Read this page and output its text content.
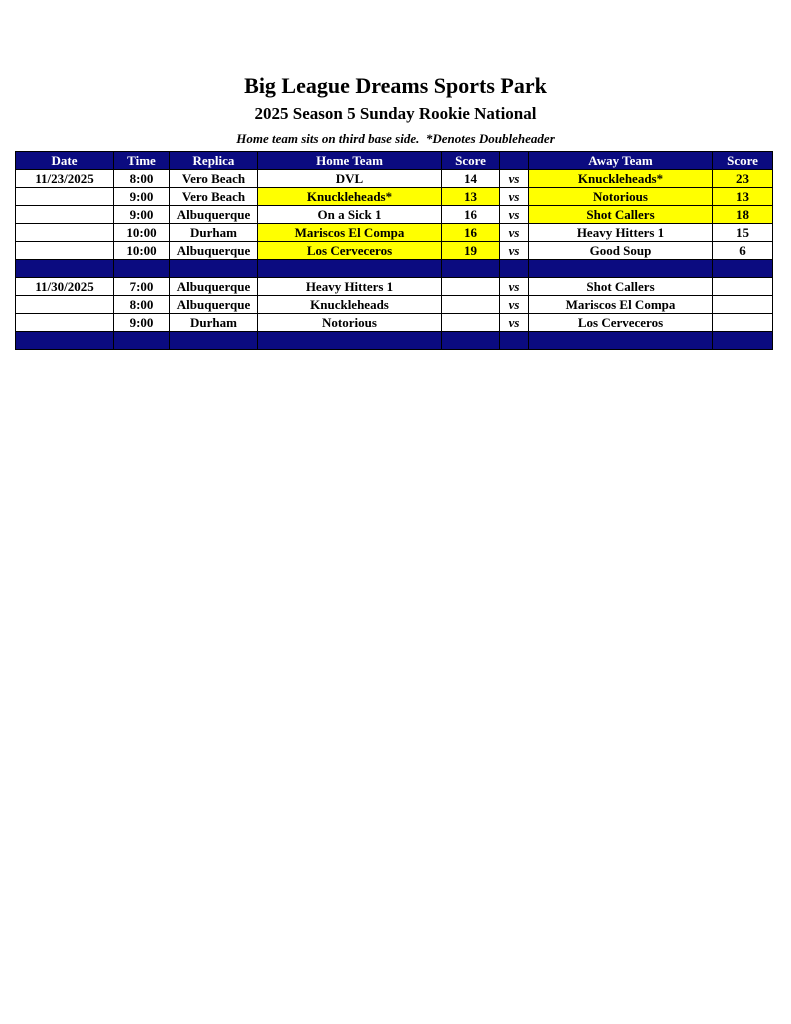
Big League Dreams Sports Park
2025 Season 5 Sunday Rookie National
Home team sits on third base side.  *Denotes Doubleheader
Date	Time	Replica	Home Team	Score		Away Team	Score
11/23/2025	8:00	Vero Beach	DVL	14	vs	Knuckleheads*	23
	9:00	Vero Beach	Knuckleheads*	13	vs	Notorious	13
	9:00	Albuquerque	On a Sick 1	16	vs	Shot Callers	18
	10:00	Durham	Mariscos El Compa	16	vs	Heavy Hitters 1	15
	10:00	Albuquerque	Los Cerveceros	19	vs	Good Soup	6

11/30/2025	7:00	Albuquerque	Heavy Hitters 1		vs	Shot Callers	
	8:00	Albuquerque	Knuckleheads		vs	Mariscos El Compa	
	9:00	Durham	Notorious		vs	Los Cerveceros	
